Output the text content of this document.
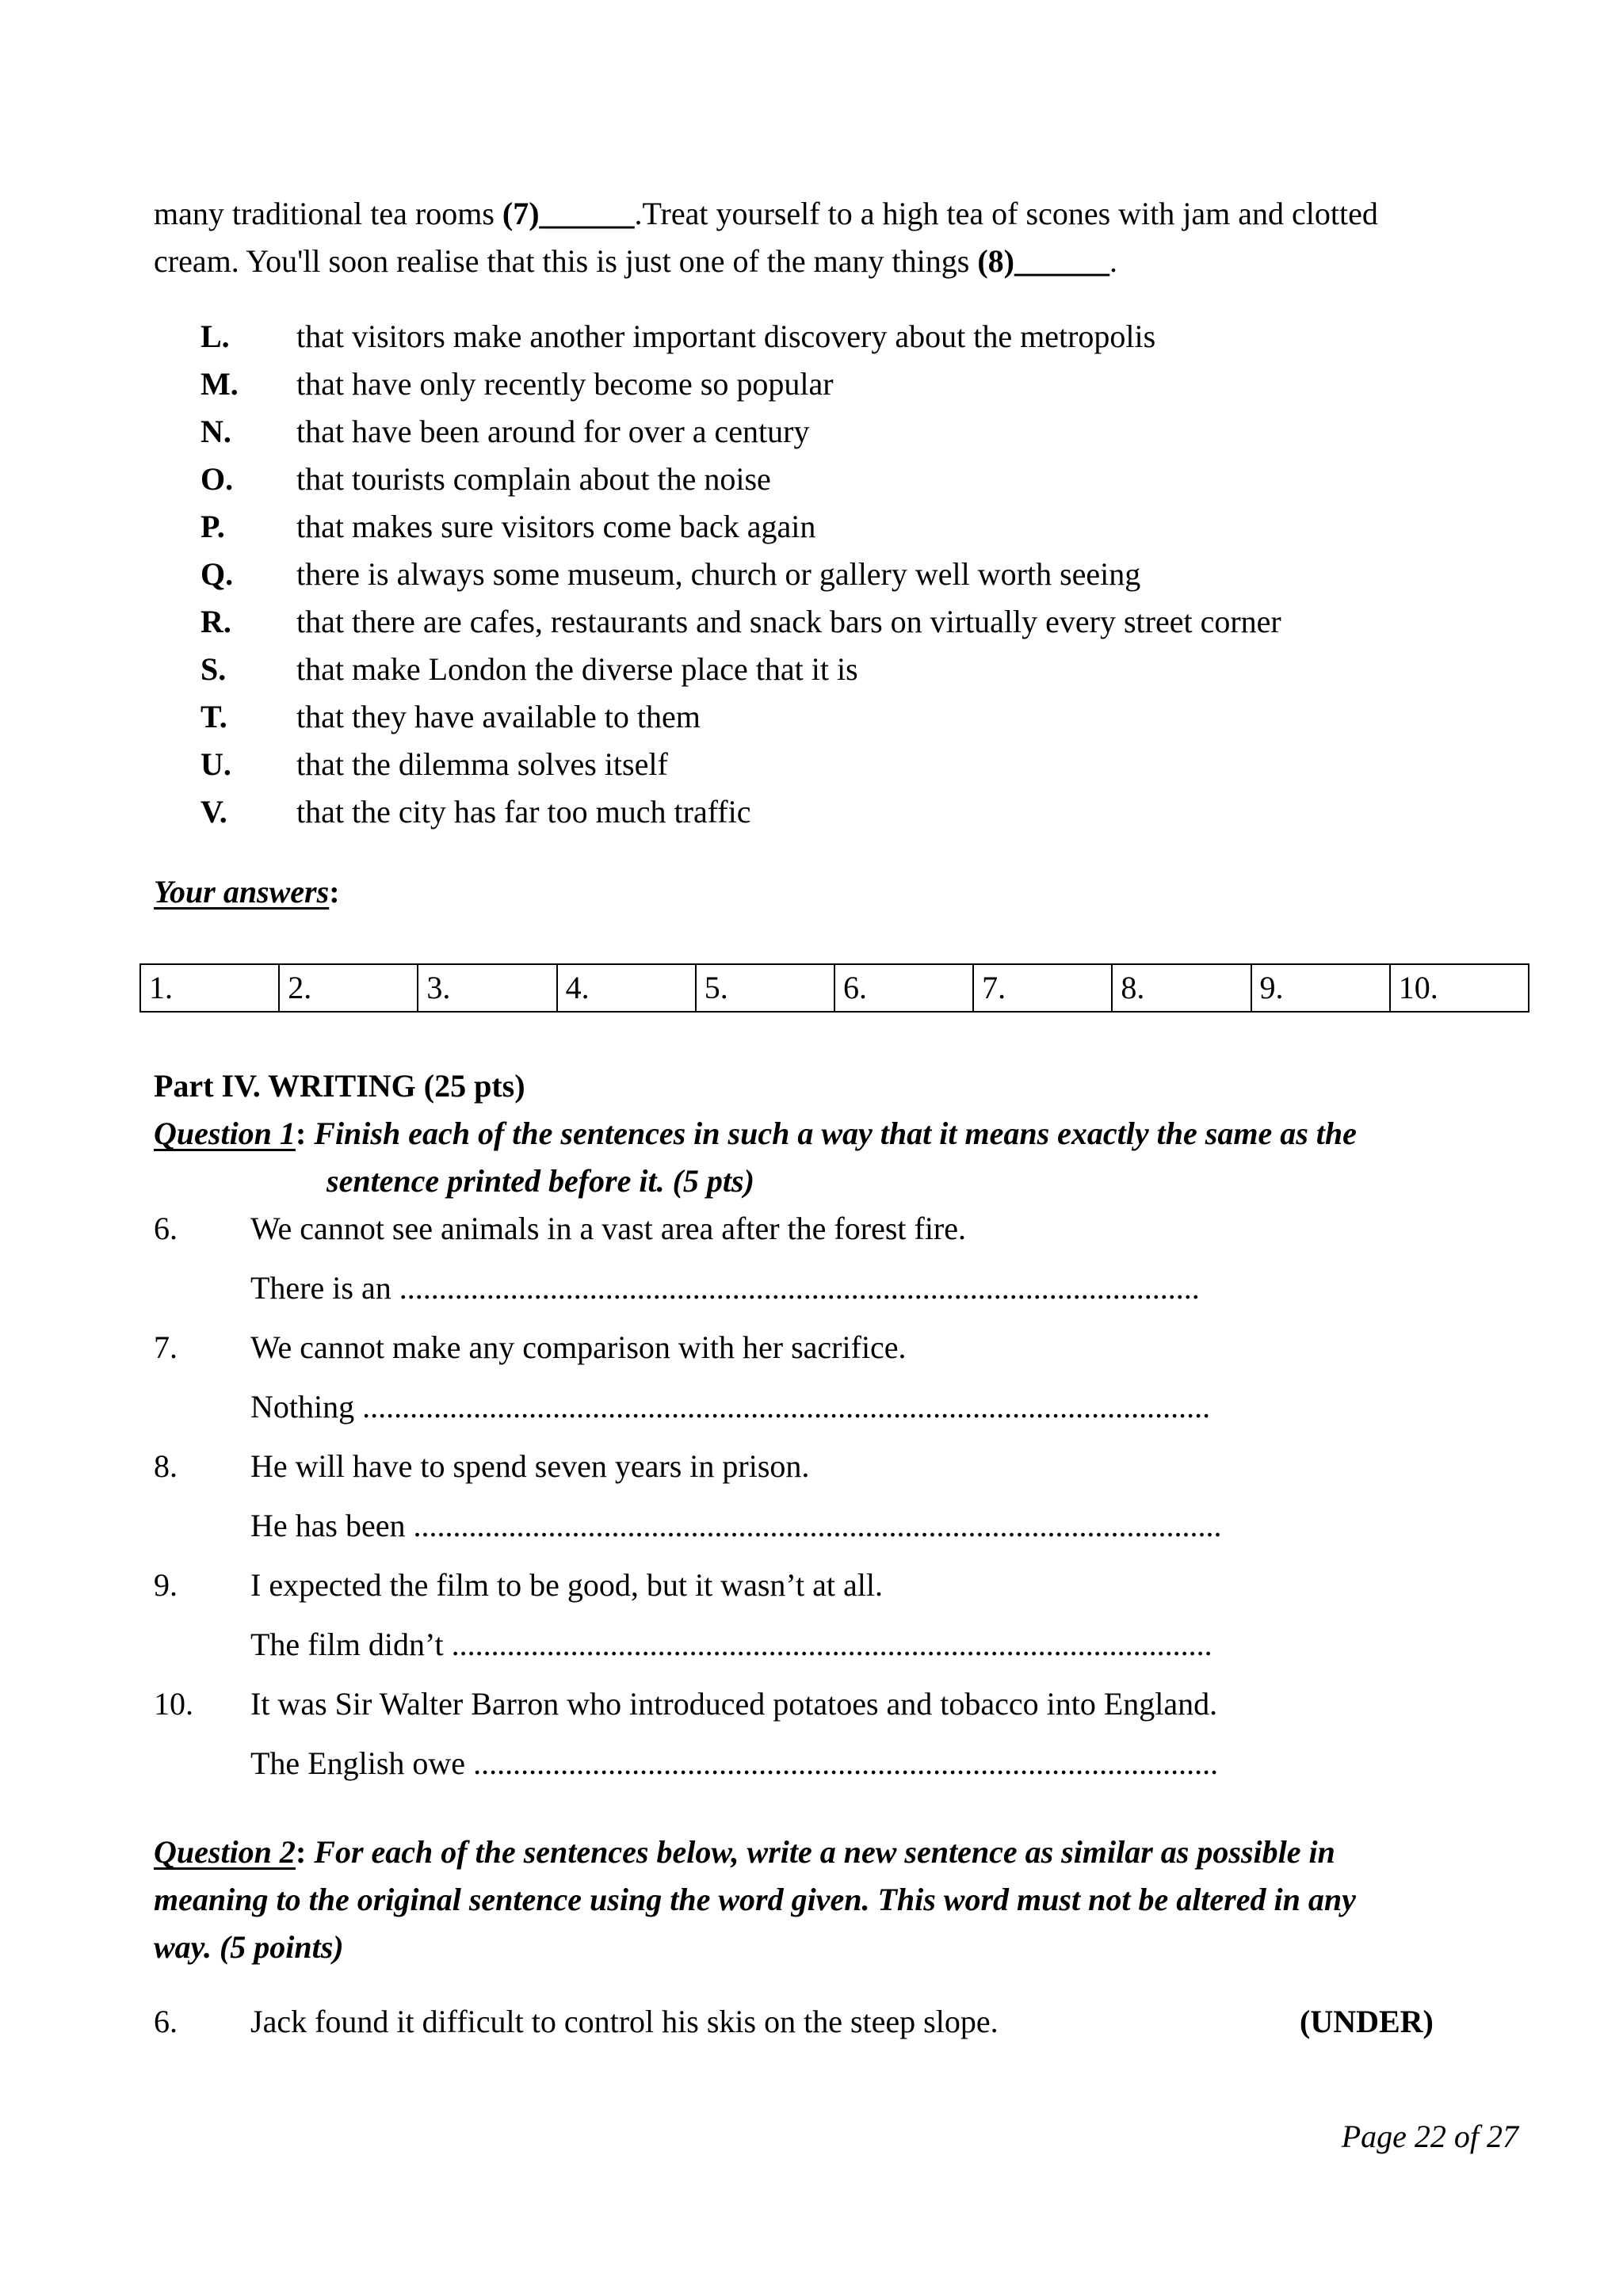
many traditional tea rooms (7)______.Treat yourself to a high tea of scones with jam and clotted
cream. You'll soon realise that this is just one of the many things (8)______.
L. that visitors make another important discovery about the metropolis
M. that have only recently become so popular
N. that have been around for over a century
O. that tourists complain about the noise
P. that makes sure visitors come back again
Q. there is always some museum, church or gallery well worth seeing
R. that there are cafes, restaurants and snack bars on virtually every street corner
S. that make London the diverse place that it is
T. that they have available to them
U. that the dilemma solves itself
V. that the city has far too much traffic
Your answers:
1.	2.	3.	4.	5.	6.	7.	8.	9.	10.
Part IV. WRITING (25 pts)
Question 1: Finish each of the sentences in such a way that it means exactly the same as the
sentence printed before it. (5 pts)
6. We cannot see animals in a vast area after the forest fire.
There is an .....................................................................................................
7. We cannot make any comparison with her sacrifice.
Nothing ...........................................................................................................
8. He will have to spend seven years in prison.
He has been ......................................................................................................
9. I expected the film to be good, but it wasn’t at all.
The film didn’t ................................................................................................
10. It was Sir Walter Barron who introduced potatoes and tobacco into England.
The English owe ..............................................................................................
Question 2: For each of the sentences below, write a new sentence as similar as possible in
meaning to the original sentence using the word given. This word must not be altered in any
way. (5 points)
6. Jack found it difficult to control his skis on the steep slope.	(UNDER)
Page 22 of 27
